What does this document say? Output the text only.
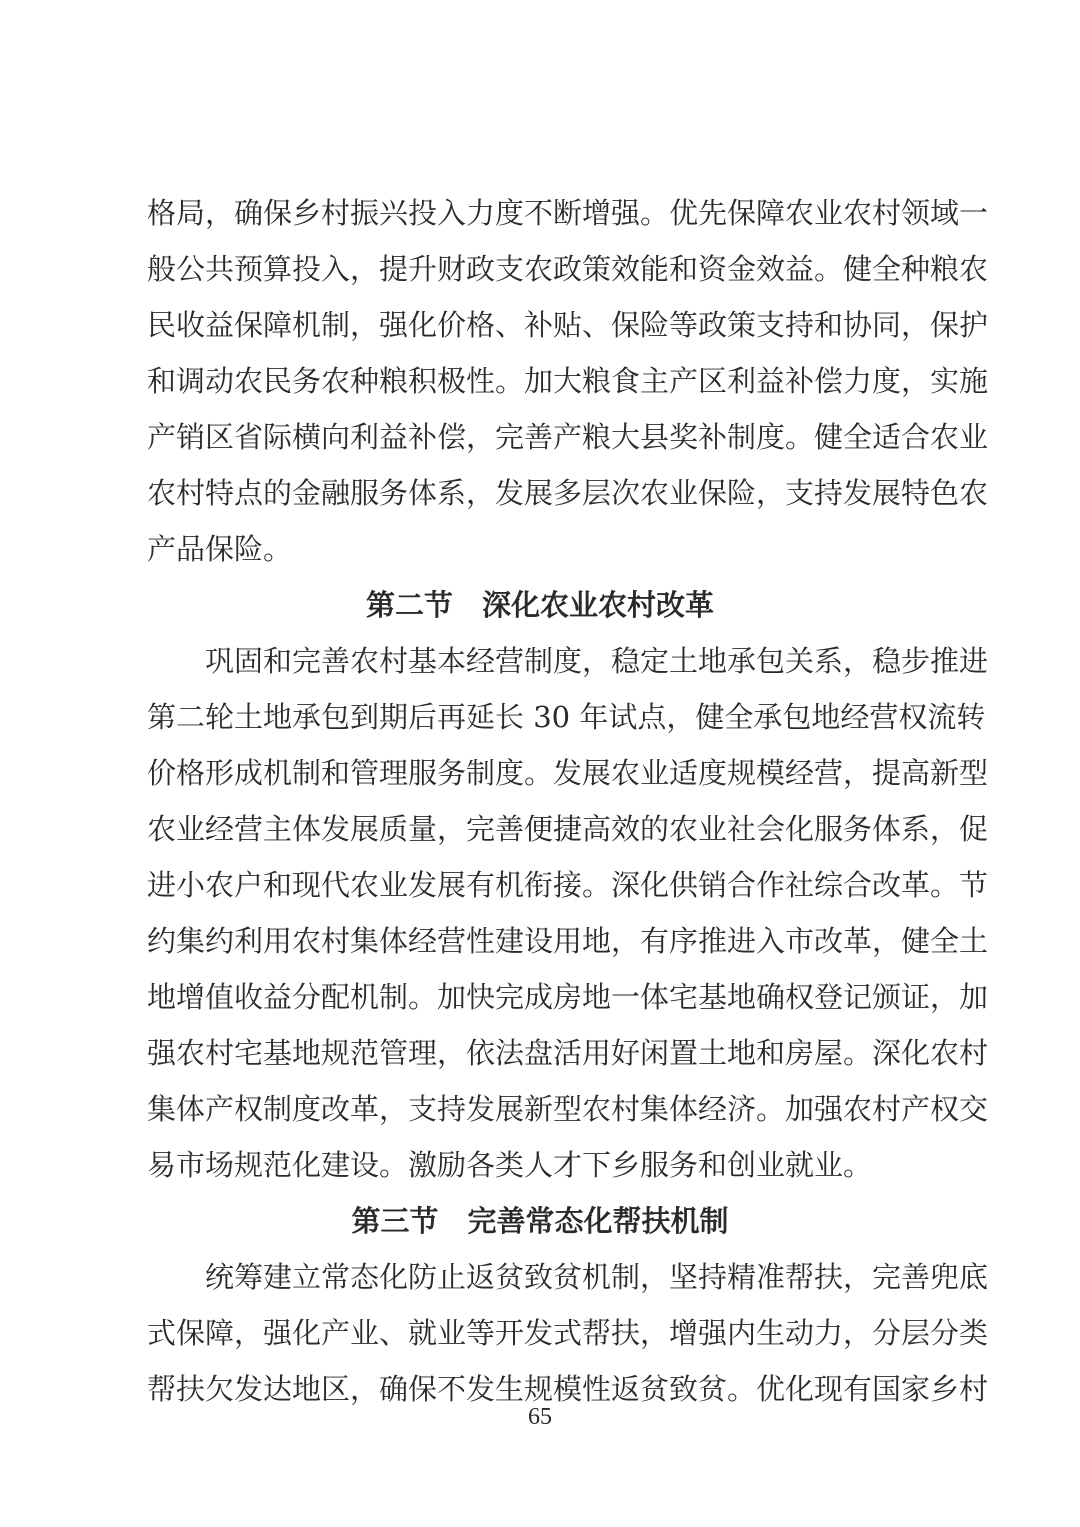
格局，确保乡村振兴投入力度不断增强。优先保障农业农村领域一
般公共预算投入，提升财政支农政策效能和资金效益。健全种粮农
民收益保障机制，强化价格、补贴、保险等政策支持和协同，保护
和调动农民务农种粮积极性。加大粮食主产区利益补偿力度，实施
产销区省际横向利益补偿，完善产粮大县奖补制度。健全适合农业
农村特点的金融服务体系，发展多层次农业保险，支持发展特色农
产品保险。
第二节　深化农业农村改革
巩固和完善农村基本经营制度，稳定土地承包关系，稳步推进
第二轮土地承包到期后再延长 30 年试点，健全承包地经营权流转
价格形成机制和管理服务制度。发展农业适度规模经营，提高新型
农业经营主体发展质量，完善便捷高效的农业社会化服务体系，促
进小农户和现代农业发展有机衔接。深化供销合作社综合改革。节
约集约利用农村集体经营性建设用地，有序推进入市改革，健全土
地增值收益分配机制。加快完成房地一体宅基地确权登记颁证，加
强农村宅基地规范管理，依法盘活用好闲置土地和房屋。深化农村
集体产权制度改革，支持发展新型农村集体经济。加强农村产权交
易市场规范化建设。激励各类人才下乡服务和创业就业。
第三节　完善常态化帮扶机制
统筹建立常态化防止返贫致贫机制，坚持精准帮扶，完善兜底
式保障，强化产业、就业等开发式帮扶，增强内生动力，分层分类
帮扶欠发达地区，确保不发生规模性返贫致贫。优化现有国家乡村
65
